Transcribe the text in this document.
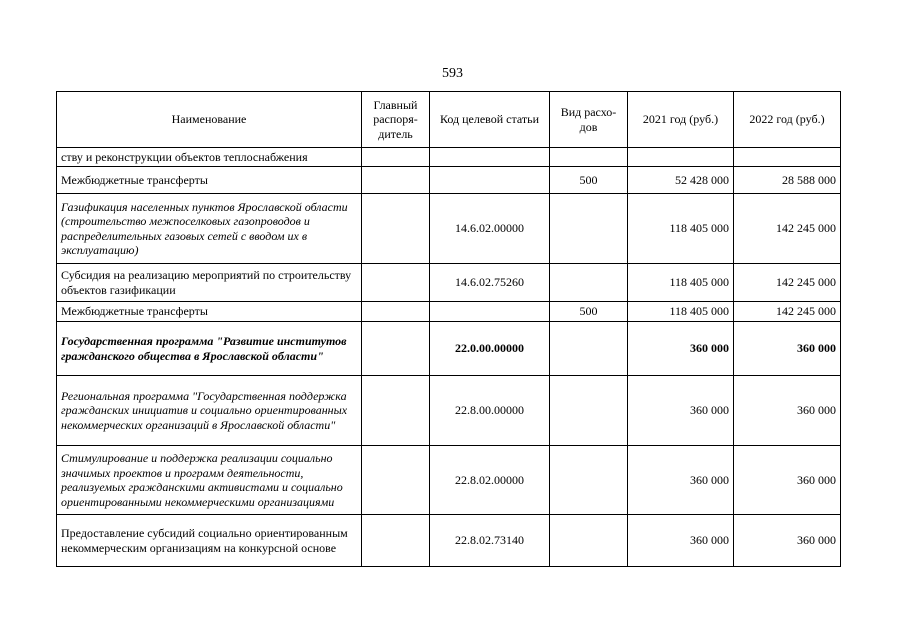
593
Наименование	Главный распоря-дитель	Код целевой статьи	Вид расхо-дов	2021 год (руб.)	2022 год (руб.)
ству и реконструкции объектов теплоснабжения					
Межбюджетные трансферты			500	52 428 000	28 588 000
Газификация населенных пунктов Ярославской области (строительство межпоселковых газопроводов и распределительных газовых сетей с вводом их в эксплуатацию)		14.6.02.00000		118 405 000	142 245 000
Субсидия на реализацию мероприятий по строительству объектов газификации		14.6.02.75260		118 405 000	142 245 000
Межбюджетные трансферты			500	118 405 000	142 245 000
Государственная программа "Развитие институтов гражданского общества в Ярославской области"		22.0.00.00000		360 000	360 000
Региональная программа "Государственная поддержка гражданских инициатив и социально ориентированных некоммерческих организаций в Ярославской области"		22.8.00.00000		360 000	360 000
Стимулирование и поддержка реализации социально значимых проектов и программ деятельности, реализуемых гражданскими активистами и социально ориентированными некоммерческими организациями		22.8.02.00000		360 000	360 000
Предоставление субсидий социально ориентированным некоммерческим организациям на конкурсной основе		22.8.02.73140		360 000	360 000
